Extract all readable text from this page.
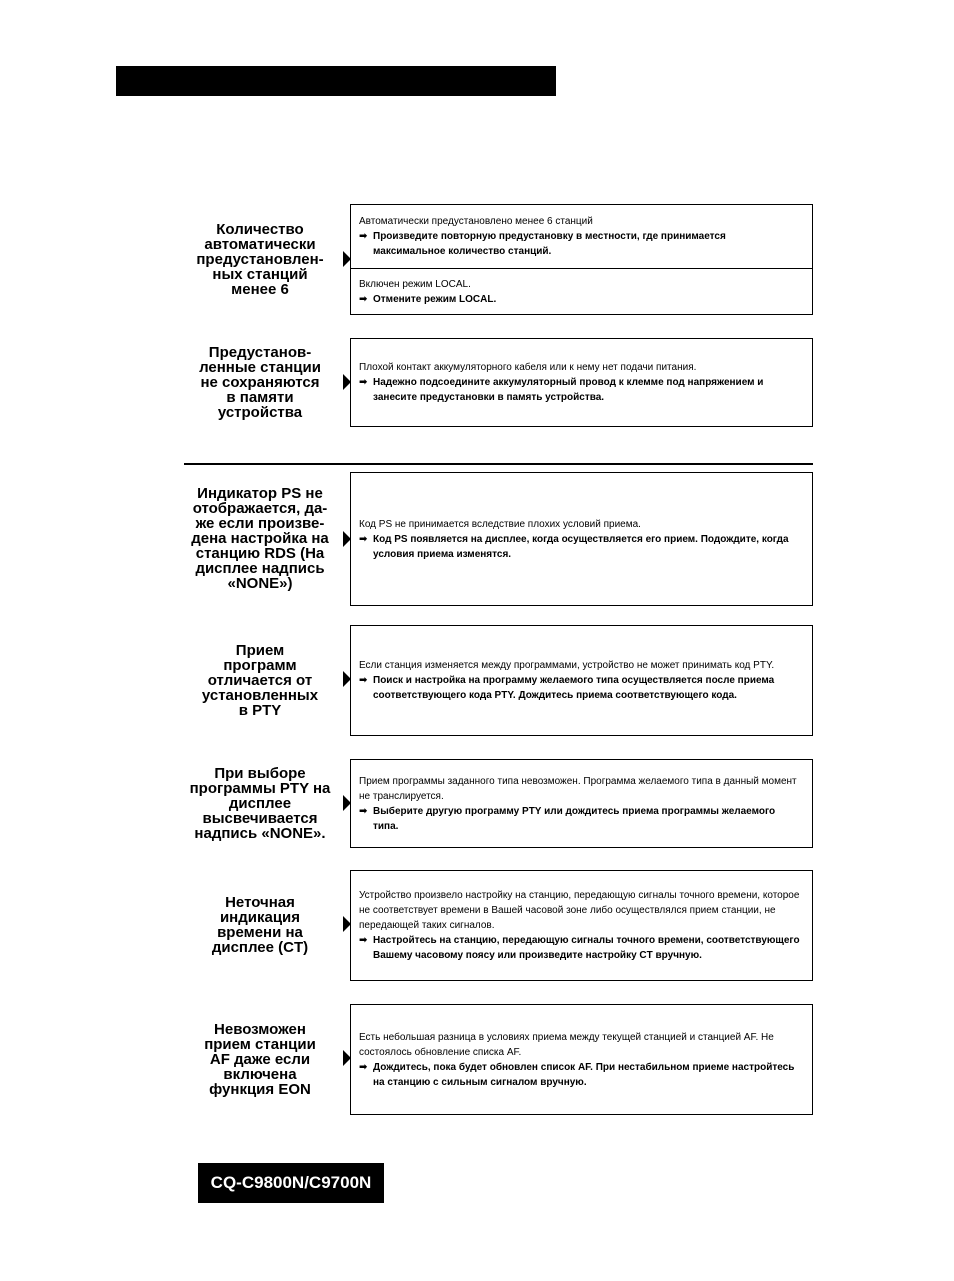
Количество
автоматически
предустановлен-
ных станций
менее 6
Автоматически предустановлено менее 6 станций
➡ Произведите повторную предустановку в местности, где принимается максимальное количество станций.
Включен режим LOCAL.
➡ Отмените режим LOCAL.
Предустанов-
ленные станции
не сохраняются
в памяти
устройства
Плохой контакт аккумуляторного кабеля или к нему нет подачи питания.
➡ Надежно подсоедините аккумуляторный провод к клемме под напряжением и занесите предустановки в память устройства.
Индикатор PS не
отображается, да-
же если произве-
дена настройка на
станцию RDS (На
дисплее надпись
«NONE»)
Код PS не принимается вследствие плохих условий приема.
➡ Код PS появляется на дисплее, когда осуществляется его прием. Подождите, когда условия приема изменятся.
Прием
программ
отличается от
установленных
в PTY
Если станция изменяется между программами, устройство не может принимать код PTY.
➡ Поиск и настройка на программу желаемого типа осуществляется после приема соответствующего кода PTY. Дождитесь приема соответствующего кода.
При выборе
программы PTY на
дисплее
высвечивается
надпись «NONE».
Прием программы заданного типа невозможен. Программа желаемого типа в данный момент не транслируется.
➡ Выберите другую программу PTY или дождитесь приема программы желаемого типа.
Неточная
индикация
времени на
дисплее (CT)
Устройство произвело настройку на станцию, передающую сигналы точного времени, которое не соответствует времени в Вашей часовой зоне либо осуществлялся прием станции, не передающей таких сигналов.
➡ Настройтесь на станцию, передающую сигналы точного времени, соответствующего Вашему часовому поясу или произведите настройку CT вручную.
Невозможен
прием станции
AF даже если
включена
функция EON
Есть небольшая разница в условиях приема между текущей станцией и станцией AF. Не состоялось обновление списка AF.
➡ Дождитесь, пока будет обновлен список AF. При нестабильном приеме настройтесь на станцию с сильным сигналом вручную.
CQ-C9800N/C9700N
